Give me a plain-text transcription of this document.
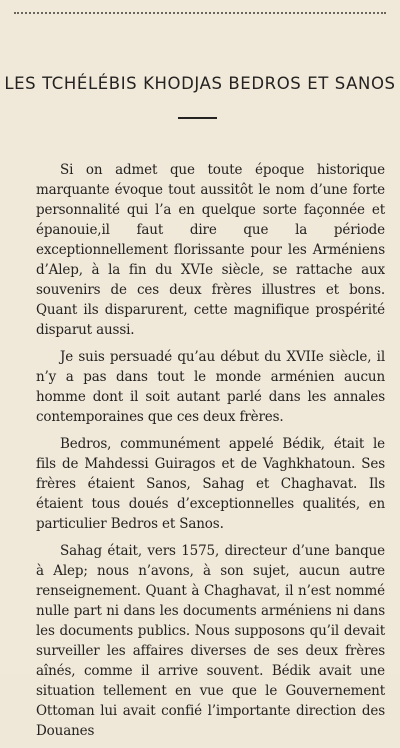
LES TCHÉLÉBIS KHODJAS BEDROS ET SANOS

Si on admet que toute époque historique marquante évoque tout aussitôt le nom d’une forte personnalité qui l’a en quelque sorte façonnée et épanouie,il faut dire que la période exceptionnellement florissante pour les Arméniens d’Alep, à la fin du XVIe siècle, se rattache aux souvenirs de ces deux frères illustres et bons. Quant ils disparurent, cette magnifique prospérité disparut aussi.

Je suis persuadé qu’au début du XVIIe siècle, il n’y a pas dans tout le monde arménien aucun homme dont il soit autant parlé dans les annales contemporaines que ces deux frères.

Bedros, communément appelé Bédik, était le fils de Mahdessi Guiragos et de Vaghkhatoun. Ses frères étaient Sanos, Sahag et Chaghavat. Ils étaient tous doués d’exceptionnelles qualités, en particulier Bedros et Sanos.

Sahag était, vers 1575, directeur d’une banque à Alep; nous n’avons, à son sujet, aucun autre renseignement. Quant à Chaghavat, il n’est nommé nulle part ni dans les documents arméniens ni dans les documents publics. Nous supposons qu’il devait surveiller les affaires diverses de ses deux frères aînés, comme il arrive souvent. Bédik avait une situation tellement en vue que le Gouvernement Ottoman lui avait confié l’importante direction des Douanes
